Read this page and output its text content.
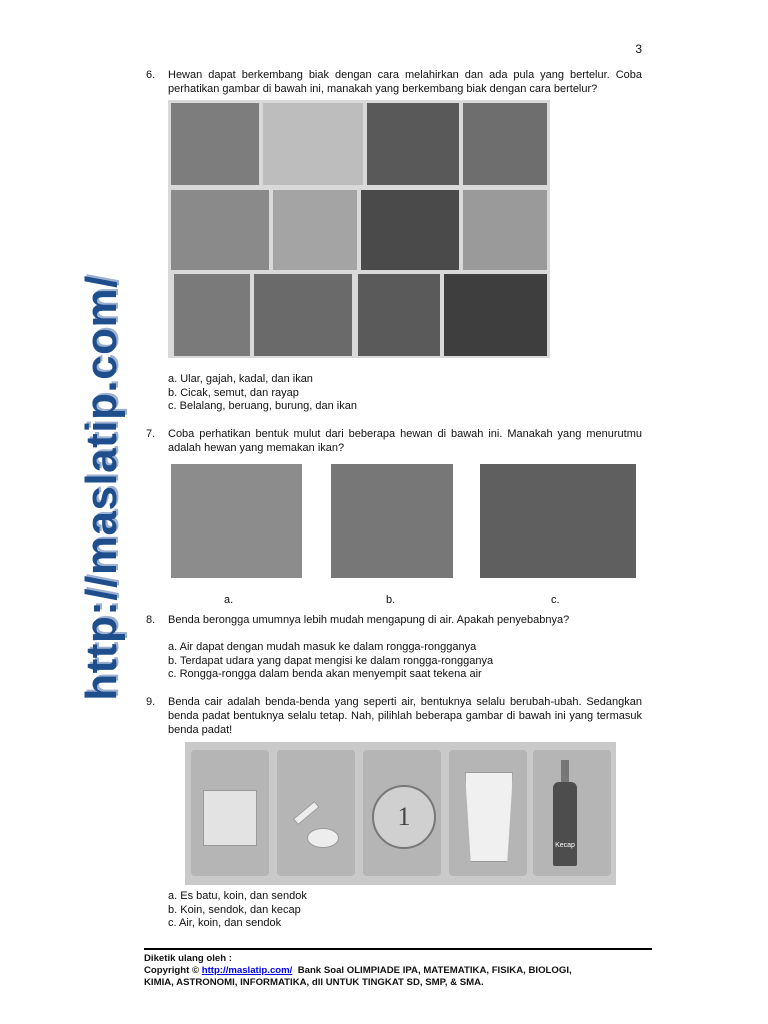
3
http://maslatip.com/
6. Hewan dapat berkembang biak dengan cara melahirkan dan ada pula yang bertelur. Coba perhatikan gambar di bawah ini, manakah yang berkembang biak dengan cara bertelur?
a. Ular, gajah, kadal, dan ikan
b. Cicak, semut, dan rayap
c. Belalang, beruang, burung, dan ikan
7. Coba perhatikan bentuk mulut dari beberapa hewan di bawah ini. Manakah yang menurutmu adalah hewan yang memakan ikan?
a.	b.	c.
8. Benda berongga umumnya lebih mudah mengapung di air. Apakah penyebabnya?
a. Air dapat dengan mudah masuk ke dalam rongga-rongganya
b. Terdapat udara yang dapat mengisi ke dalam rongga-rongganya
c. Rongga-rongga dalam benda akan menyempit saat tekena air
9. Benda cair adalah benda-benda yang seperti air, bentuknya selalu berubah-ubah. Sedangkan benda padat bentuknya selalu tetap. Nah, pilihlah beberapa gambar di bawah ini yang termasuk benda padat!
1
Kecap
a. Es batu, koin, dan sendok
b. Koin, sendok, dan kecap
c. Air, koin, dan sendok
Diketik ulang oleh :
Copyright © http://maslatip.com/ Bank Soal OLIMPIADE IPA, MATEMATIKA, FISIKA, BIOLOGI,
KIMIA, ASTRONOMI, INFORMATIKA, dll UNTUK TINGKAT SD, SMP, & SMA.
